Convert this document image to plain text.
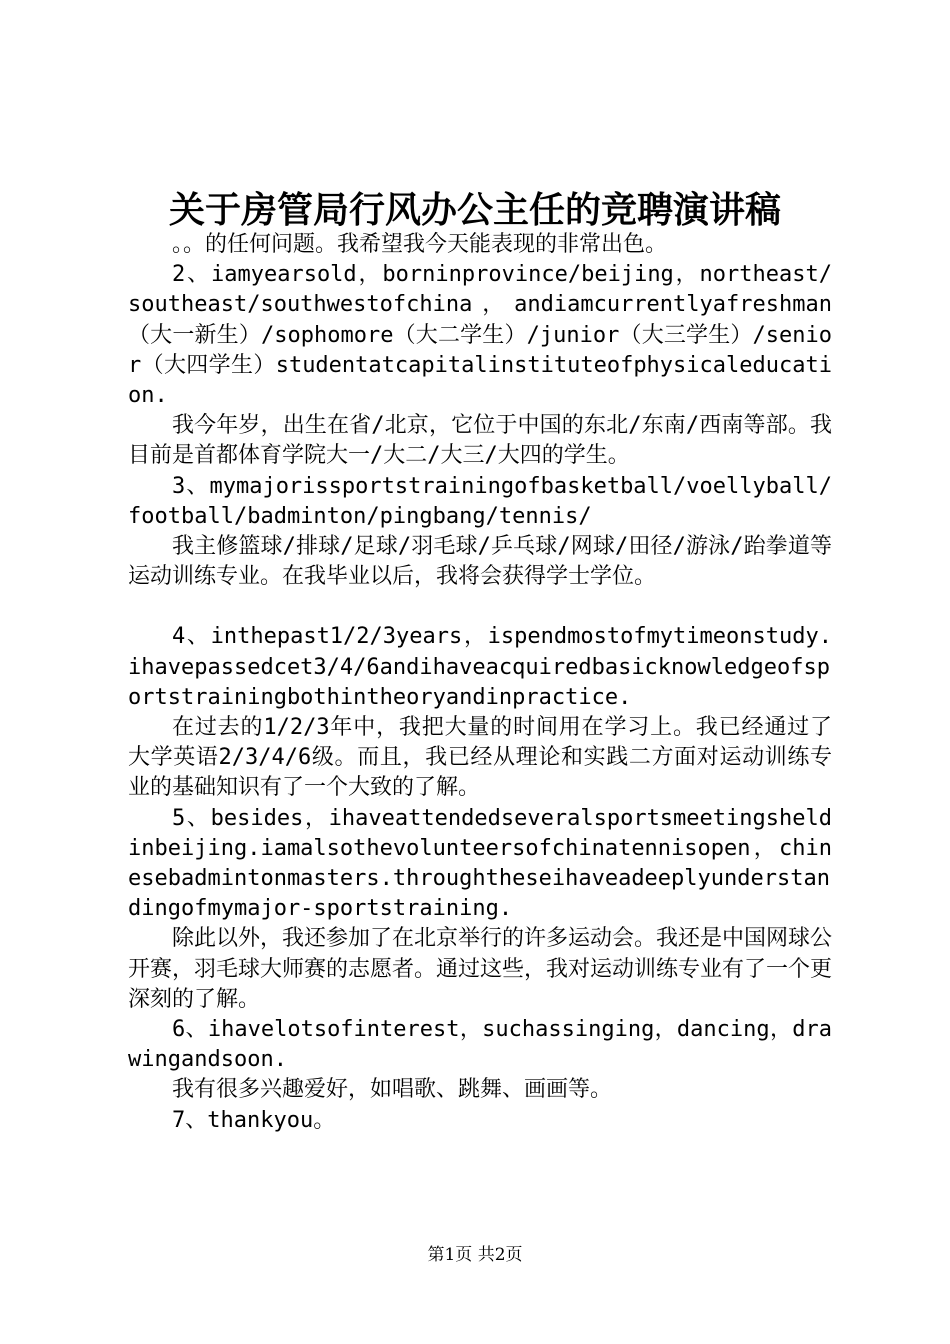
关于房管局行风办公主任的竞聘演讲稿

。。的任何问题。我希望我今天能表现的非常出色。

2、iamyearsold，borninprovince/beijing，northeast/southeast/southwestofchina，andiamcurrentlyafreshman（大一新生）/sophomore（大二学生）/junior（大三学生）/senior（大四学生）studentatcapitalinstituteofphysicaleducation.

我今年岁，出生在省/北京，它位于中国的东北/东南/西南等部。我目前是首都体育学院大一/大二/大三/大四的学生。

3、mymajorissportstrainingofbasketball/voellyball/football/badminton/pingbang/tennis/

我主修篮球/排球/足球/羽毛球/乒乓球/网球/田径/游泳/跆拳道等运动训练专业。在我毕业以后，我将会获得学士学位。

4、inthepast1/2/3years，ispendmostofmytimeonstudy.ihavepassedcet3/4/6andihaveacquiredbasicknowledgeofsportstrainingbothintheoryandinpractice.

在过去的1/2/3年中，我把大量的时间用在学习上。我已经通过了大学英语2/3/4/6级。而且，我已经从理论和实践二方面对运动训练专业的基础知识有了一个大致的了解。

5、besides，ihaveattendedseveralsportsmeetingsheldinbeijing.iamalsothevolunteersofchinatennisopen，chinesebadmintonmasters.throughtheseihaveadeeplyunderstandingofmymajor-sportstraining.

除此以外，我还参加了在北京举行的许多运动会。我还是中国网球公开赛，羽毛球大师赛的志愿者。通过这些，我对运动训练专业有了一个更深刻的了解。

6、ihavelotsofinterest，suchassinging，dancing，drawingandsoon.

我有很多兴趣爱好，如唱歌、跳舞、画画等。

7、thankyou。

第1页 共2页
